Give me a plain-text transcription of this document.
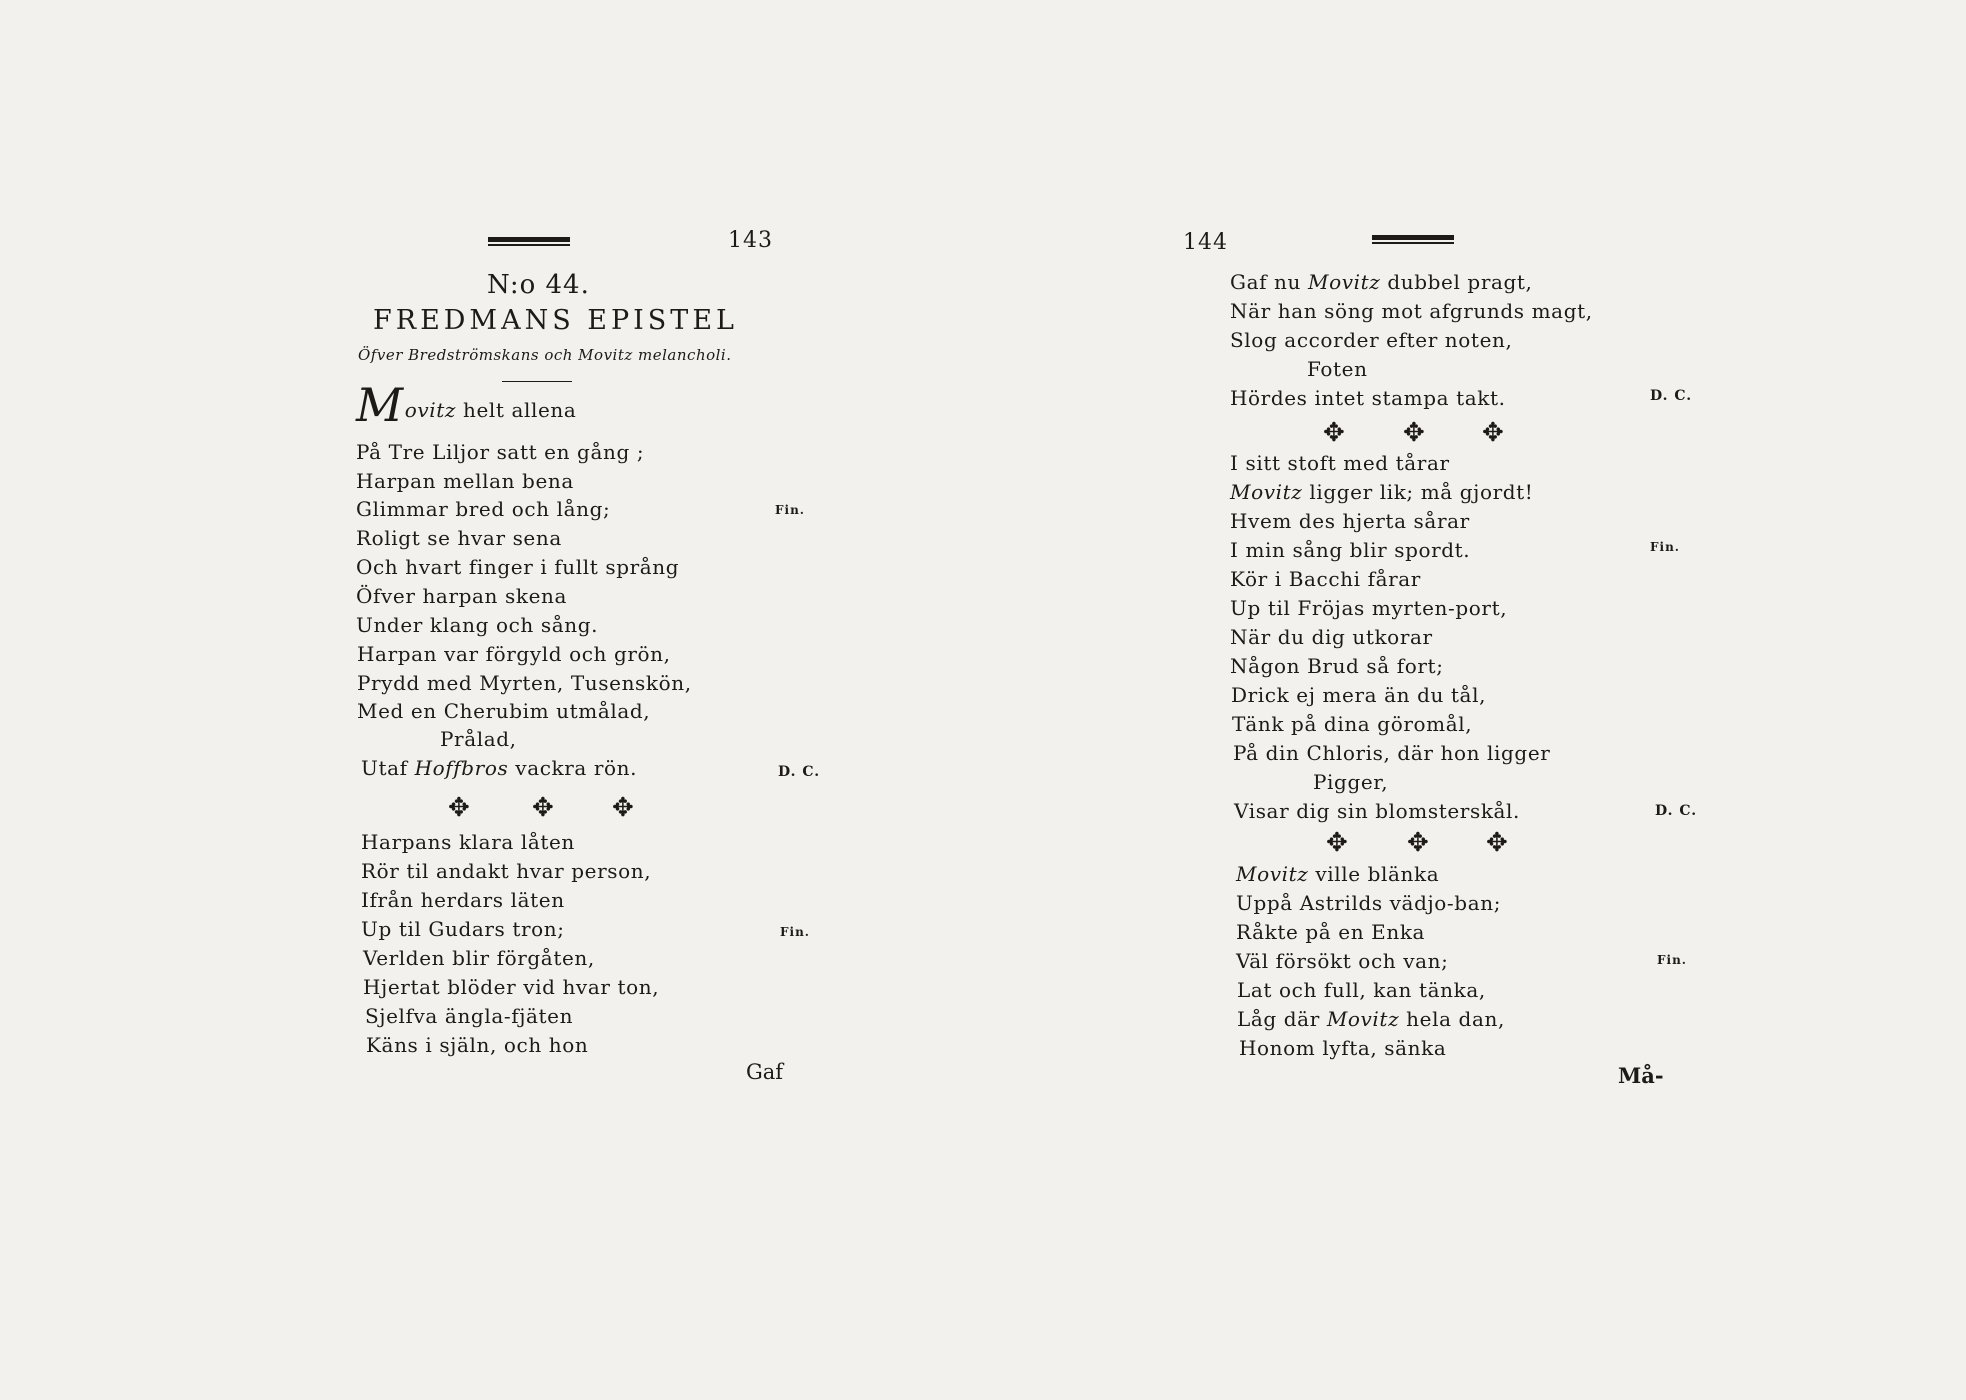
143
N:o 44.
FREDMANS EPISTEL
Öfver Bredströmskans och Movitz melancholi.
Movitz helt allena
På Tre Liljor satt en gång ;
Harpan mellan bena
Glimmar bred och lång;
Roligt se hvar sena
Och hvart finger i fullt språng
Öfver harpan skena
Under klang och sång.
Harpan var förgyld och grön,
Prydd med Myrten, Tusenskön,
Med en Cherubim utmålad,
Prålad,
Utaf Hoffbros vackra rön.
Fin.
D. C.
✥ ✥ ✥
Harpans klara låten
Rör til andakt hvar person,
Ifrån herdars läten
Up til Gudars tron;
Verlden blir förgåten,
Hjertat blöder vid hvar ton,
Sjelfva ängla-fjäten
Käns i själn, och hon
Fin.
Gaf
144
Gaf nu Movitz dubbel pragt,
När han söng mot afgrunds magt,
Slog accorder efter noten,
Foten
Hördes intet stampa takt.	D. C.
✥ ✥ ✥
I sitt stoft med tårar
Movitz ligger lik; må gjordt!
Hvem des hjerta sårar
I min sång blir spordt.	Fin.
Kör i Bacchi fårar
Up til Fröjas myrten-port,
När du dig utkorar
Någon Brud så fort;
Drick ej mera än du tål,
Tänk på dina göromål,
På din Chloris, där hon ligger
Pigger,
Visar dig sin blomsterskål.	D. C.
✥ ✥ ✥
Movitz ville blänka
Uppå Astrilds vädjo-ban;
Råkte på en Enka
Väl försökt och van;	Fin.
Lat och full, kan tänka,
Låg där Movitz hela dan,
Honom lyfta, sänka
Må-
